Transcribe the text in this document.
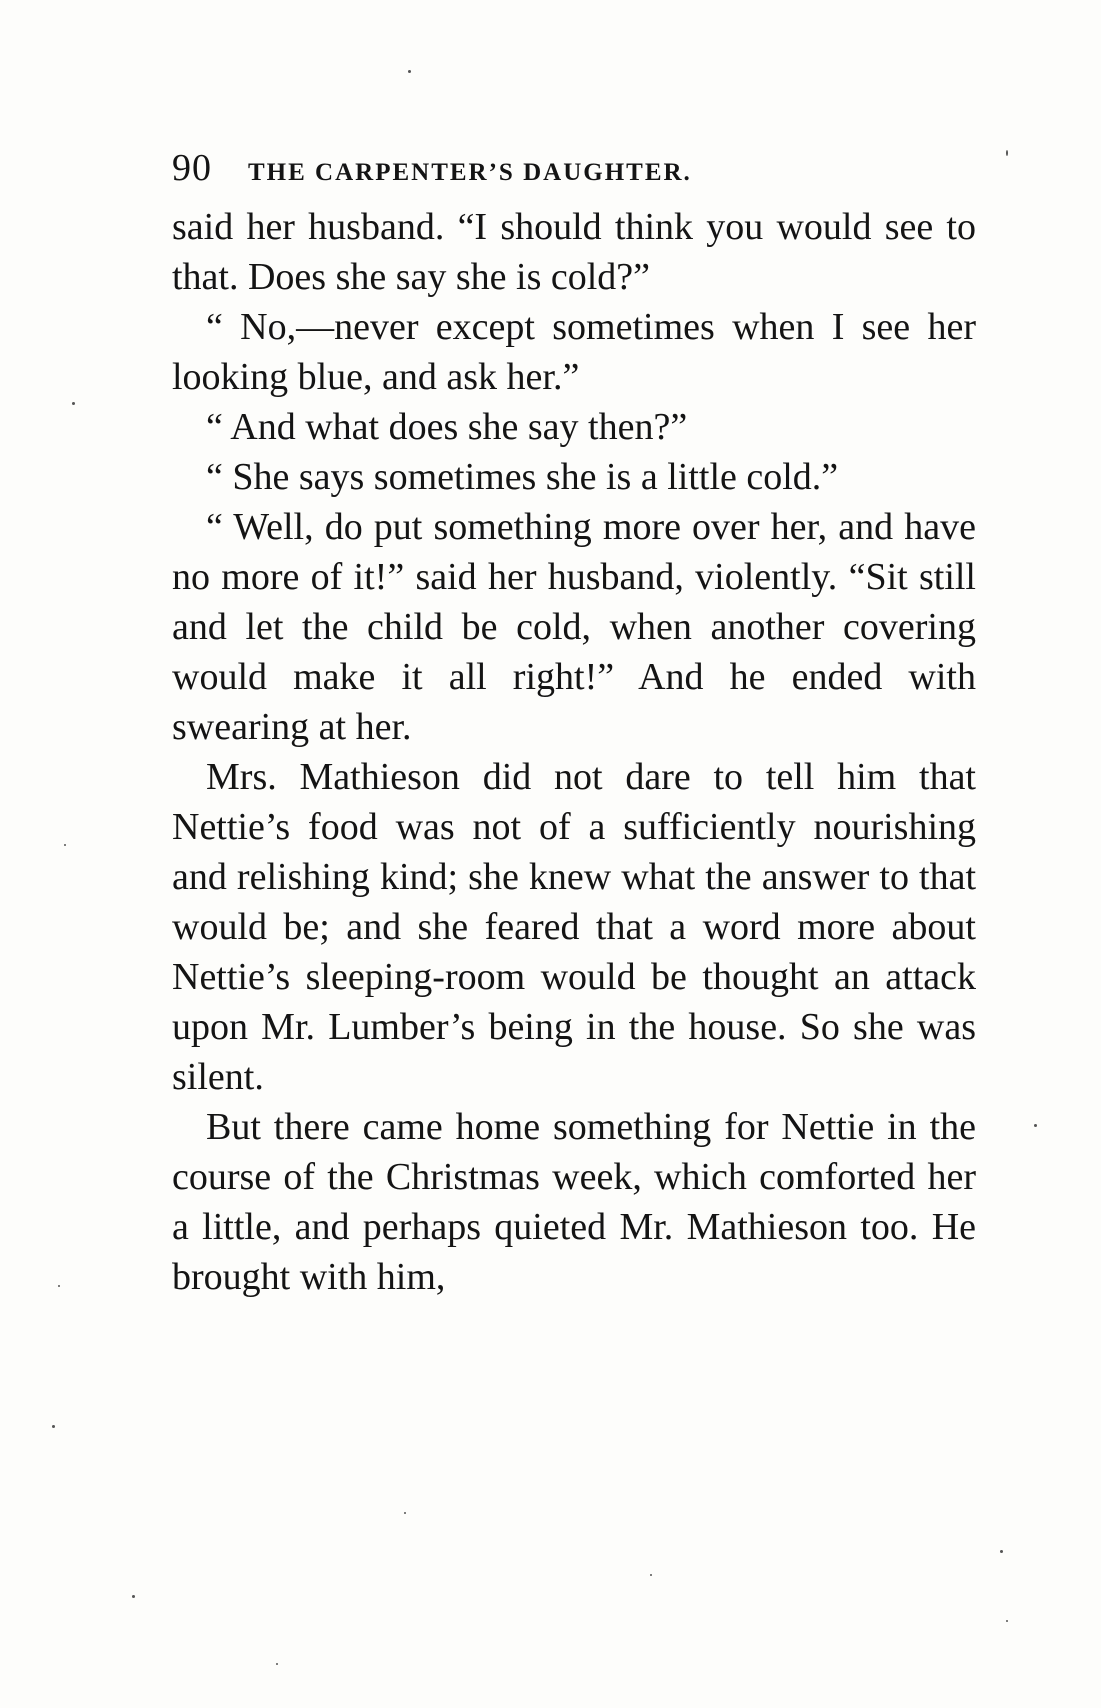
90 THE CARPENTER’S DAUGHTER.

said her husband. “I should think you would see to that. Does she say she is cold?”

“ No,—never except sometimes when I see her looking blue, and ask her.”

“ And what does she say then?”

“ She says sometimes she is a little cold.”

“ Well, do put something more over her, and have no more of it!” said her husband, violently. “Sit still and let the child be cold, when another covering would make it all right!” And he ended with swearing at her.

Mrs. Mathieson did not dare to tell him that Nettie’s food was not of a sufficiently nourishing and relishing kind; she knew what the answer to that would be; and she feared that a word more about Nettie’s sleeping-room would be thought an attack upon Mr. Lumber’s being in the house. So she was silent.

But there came home something for Nettie in the course of the Christmas week, which comforted her a little, and perhaps quieted Mr. Mathieson too. He brought with him,
